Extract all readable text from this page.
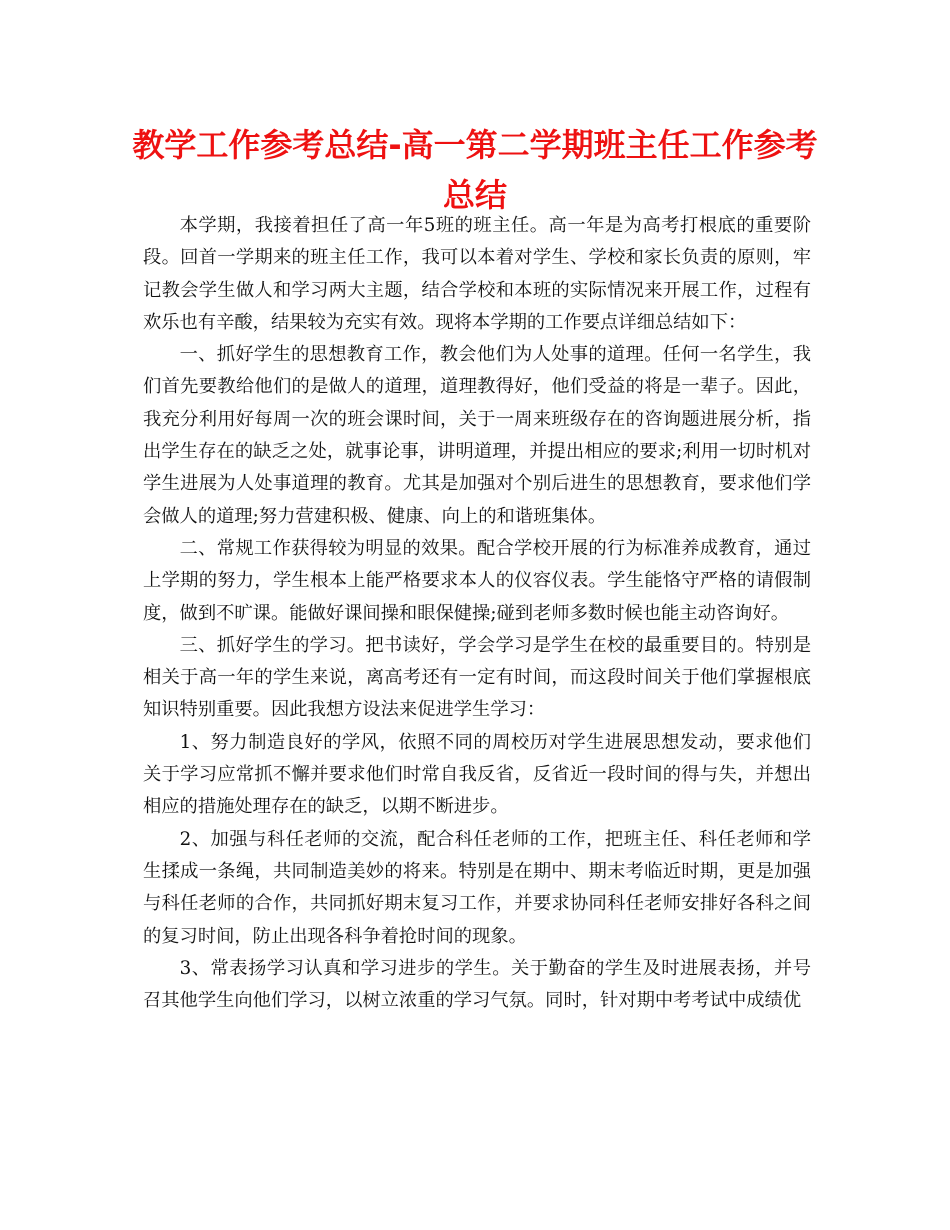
教学工作参考总结-高一第二学期班主任工作参考总结

本学期，我接着担任了高一年5班的班主任。高一年是为高考打根底的重要阶段。回首一学期来的班主任工作，我可以本着对学生、学校和家长负责的原则，牢记教会学生做人和学习两大主题，结合学校和本班的实际情况来开展工作，过程有欢乐也有辛酸，结果较为充实有效。现将本学期的工作要点详细总结如下：

一、抓好学生的思想教育工作，教会他们为人处事的道理。任何一名学生，我们首先要教给他们的是做人的道理，道理教得好，他们受益的将是一辈子。因此，我充分利用好每周一次的班会课时间，关于一周来班级存在的咨询题进展分析，指出学生存在的缺乏之处，就事论事，讲明道理，并提出相应的要求;利用一切时机对学生进展为人处事道理的教育。尤其是加强对个别后进生的思想教育，要求他们学会做人的道理;努力营建积极、健康、向上的和谐班集体。

二、常规工作获得较为明显的效果。配合学校开展的行为标准养成教育，通过上学期的努力，学生根本上能严格要求本人的仪容仪表。学生能恪守严格的请假制度，做到不旷课。能做好课间操和眼保健操;碰到老师多数时候也能主动咨询好。

三、抓好学生的学习。把书读好，学会学习是学生在校的最重要目的。特别是相关于高一年的学生来说，离高考还有一定有时间，而这段时间关于他们掌握根底知识特别重要。因此我想方设法来促进学生学习：

1、努力制造良好的学风，依照不同的周校历对学生进展思想发动，要求他们关于学习应常抓不懈并要求他们时常自我反省，反省近一段时间的得与失，并想出相应的措施处理存在的缺乏，以期不断进步。

2、加强与科任老师的交流，配合科任老师的工作，把班主任、科任老师和学生揉成一条绳，共同制造美妙的将来。特别是在期中、期末考临近时期，更是加强与科任老师的合作，共同抓好期末复习工作，并要求协同科任老师安排好各科之间的复习时间，防止出现各科争着抢时间的现象。

3、常表扬学习认真和学习进步的学生。关于勤奋的学生及时进展表扬，并号召其他学生向他们学习，以树立浓重的学习气氛。同时，针对期中考考试中成绩优
